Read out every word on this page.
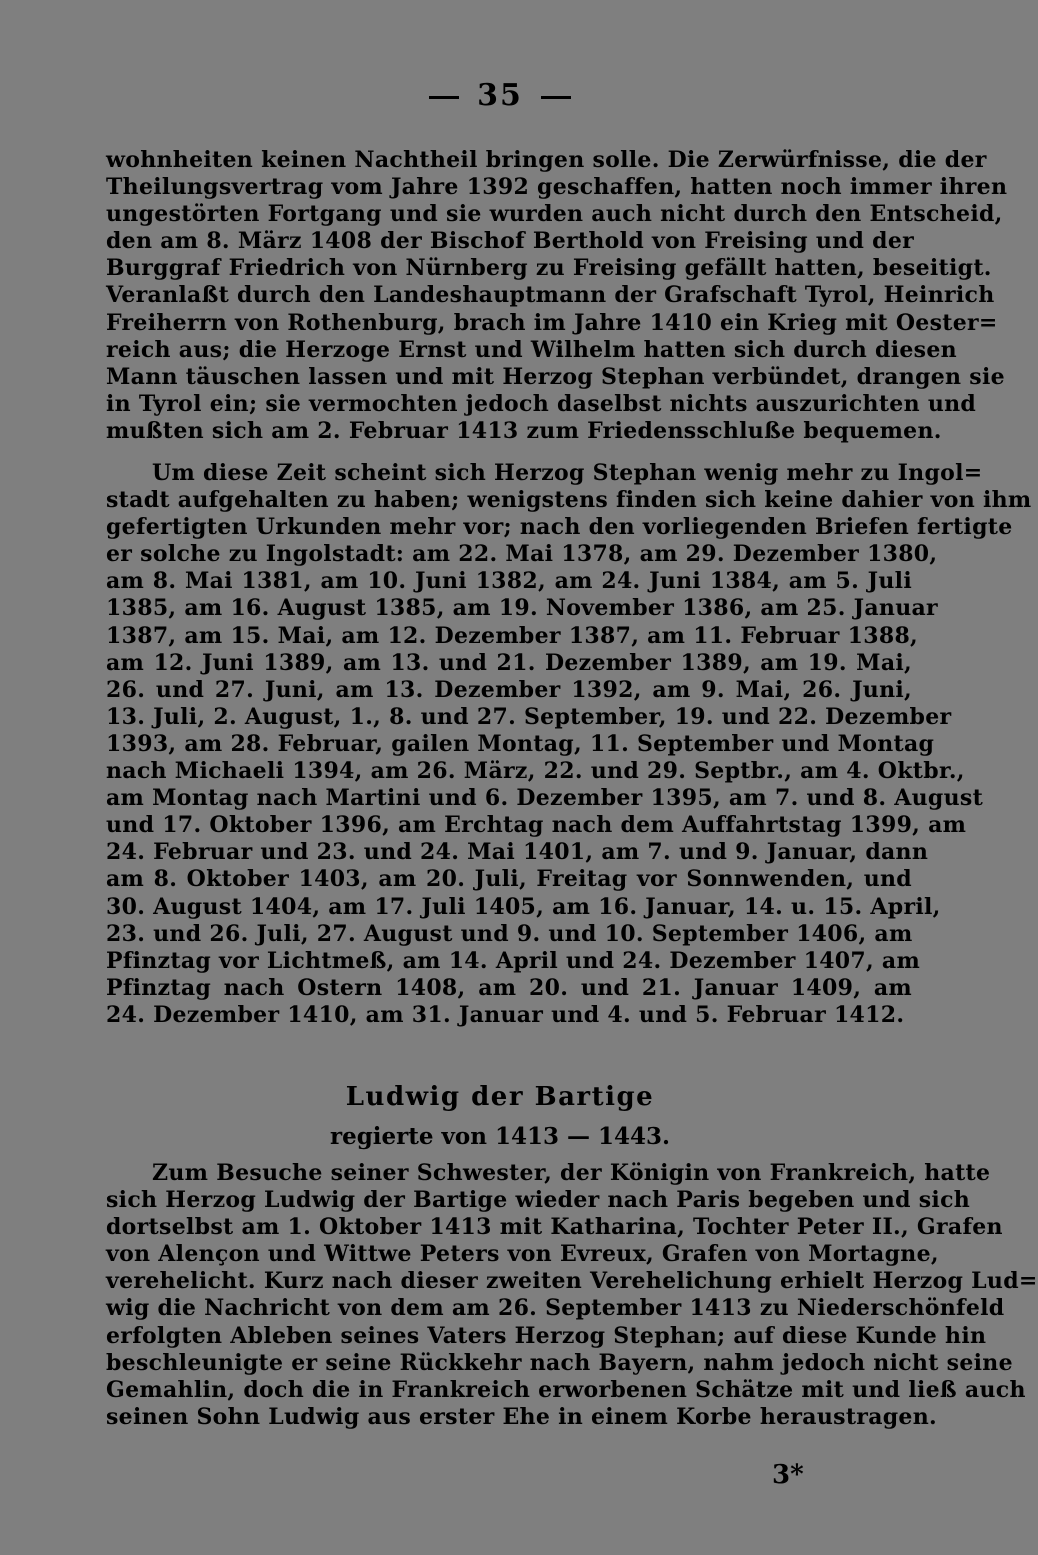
35
wohnheiten keinen Nachtheil bringen solle. Die Zerwürfnisse, die der
Theilungsvertrag vom Jahre 1392 geschaffen, hatten noch immer ihren
ungestörten Fortgang und sie wurden auch nicht durch den Entscheid,
den am 8. März 1408 der Bischof Berthold von Freising und der
Burggraf Friedrich von Nürnberg zu Freising gefällt hatten, beseitigt.
Veranlaßt durch den Landeshauptmann der Grafschaft Tyrol, Heinrich
Freiherrn von Rothenburg, brach im Jahre 1410 ein Krieg mit Oester=
reich aus; die Herzoge Ernst und Wilhelm hatten sich durch diesen
Mann täuschen lassen und mit Herzog Stephan verbündet, drangen sie
in Tyrol ein; sie vermochten jedoch daselbst nichts auszurichten und
mußten sich am 2. Februar 1413 zum Friedensschluße bequemen.
Um diese Zeit scheint sich Herzog Stephan wenig mehr zu Ingol=
stadt aufgehalten zu haben; wenigstens finden sich keine dahier von ihm
gefertigten Urkunden mehr vor; nach den vorliegenden Briefen fertigte
er solche zu Ingolstadt: am 22. Mai 1378, am 29. Dezember 1380,
am 8. Mai 1381, am 10. Juni 1382, am 24. Juni 1384, am 5. Juli
1385, am 16. August 1385, am 19. November 1386, am 25. Januar
1387, am 15. Mai, am 12. Dezember 1387, am 11. Februar 1388,
am 12. Juni 1389, am 13. und 21. Dezember 1389, am 19. Mai,
26. und 27. Juni, am 13. Dezember 1392, am 9. Mai, 26. Juni,
13. Juli, 2. August, 1., 8. und 27. September, 19. und 22. Dezember
1393, am 28. Februar, gailen Montag, 11. September und Montag
nach Michaeli 1394, am 26. März, 22. und 29. Septbr., am 4. Oktbr.,
am Montag nach Martini und 6. Dezember 1395, am 7. und 8. August
und 17. Oktober 1396, am Erchtag nach dem Auffahrtstag 1399, am
24. Februar und 23. und 24. Mai 1401, am 7. und 9. Januar, dann
am 8. Oktober 1403, am 20. Juli, Freitag vor Sonnwenden, und
30. August 1404, am 17. Juli 1405, am 16. Januar, 14. u. 15. April,
23. und 26. Juli, 27. August und 9. und 10. September 1406, am
Pfinztag vor Lichtmeß, am 14. April und 24. Dezember 1407, am
Pfinztag nach Ostern 1408, am 20. und 21. Januar 1409, am
24. Dezember 1410, am 31. Januar und 4. und 5. Februar 1412.
Ludwig der Bartige
regierte von 1413 — 1443.
Zum Besuche seiner Schwester, der Königin von Frankreich, hatte
sich Herzog Ludwig der Bartige wieder nach Paris begeben und sich
dortselbst am 1. Oktober 1413 mit Katharina, Tochter Peter II., Grafen
von Alençon und Wittwe Peters von Evreux, Grafen von Mortagne,
verehelicht. Kurz nach dieser zweiten Verehelichung erhielt Herzog Lud=
wig die Nachricht von dem am 26. September 1413 zu Niederschönfeld
erfolgten Ableben seines Vaters Herzog Stephan; auf diese Kunde hin
beschleunigte er seine Rückkehr nach Bayern, nahm jedoch nicht seine
Gemahlin, doch die in Frankreich erworbenen Schätze mit und ließ auch
seinen Sohn Ludwig aus erster Ehe in einem Korbe heraustragen.
3*
